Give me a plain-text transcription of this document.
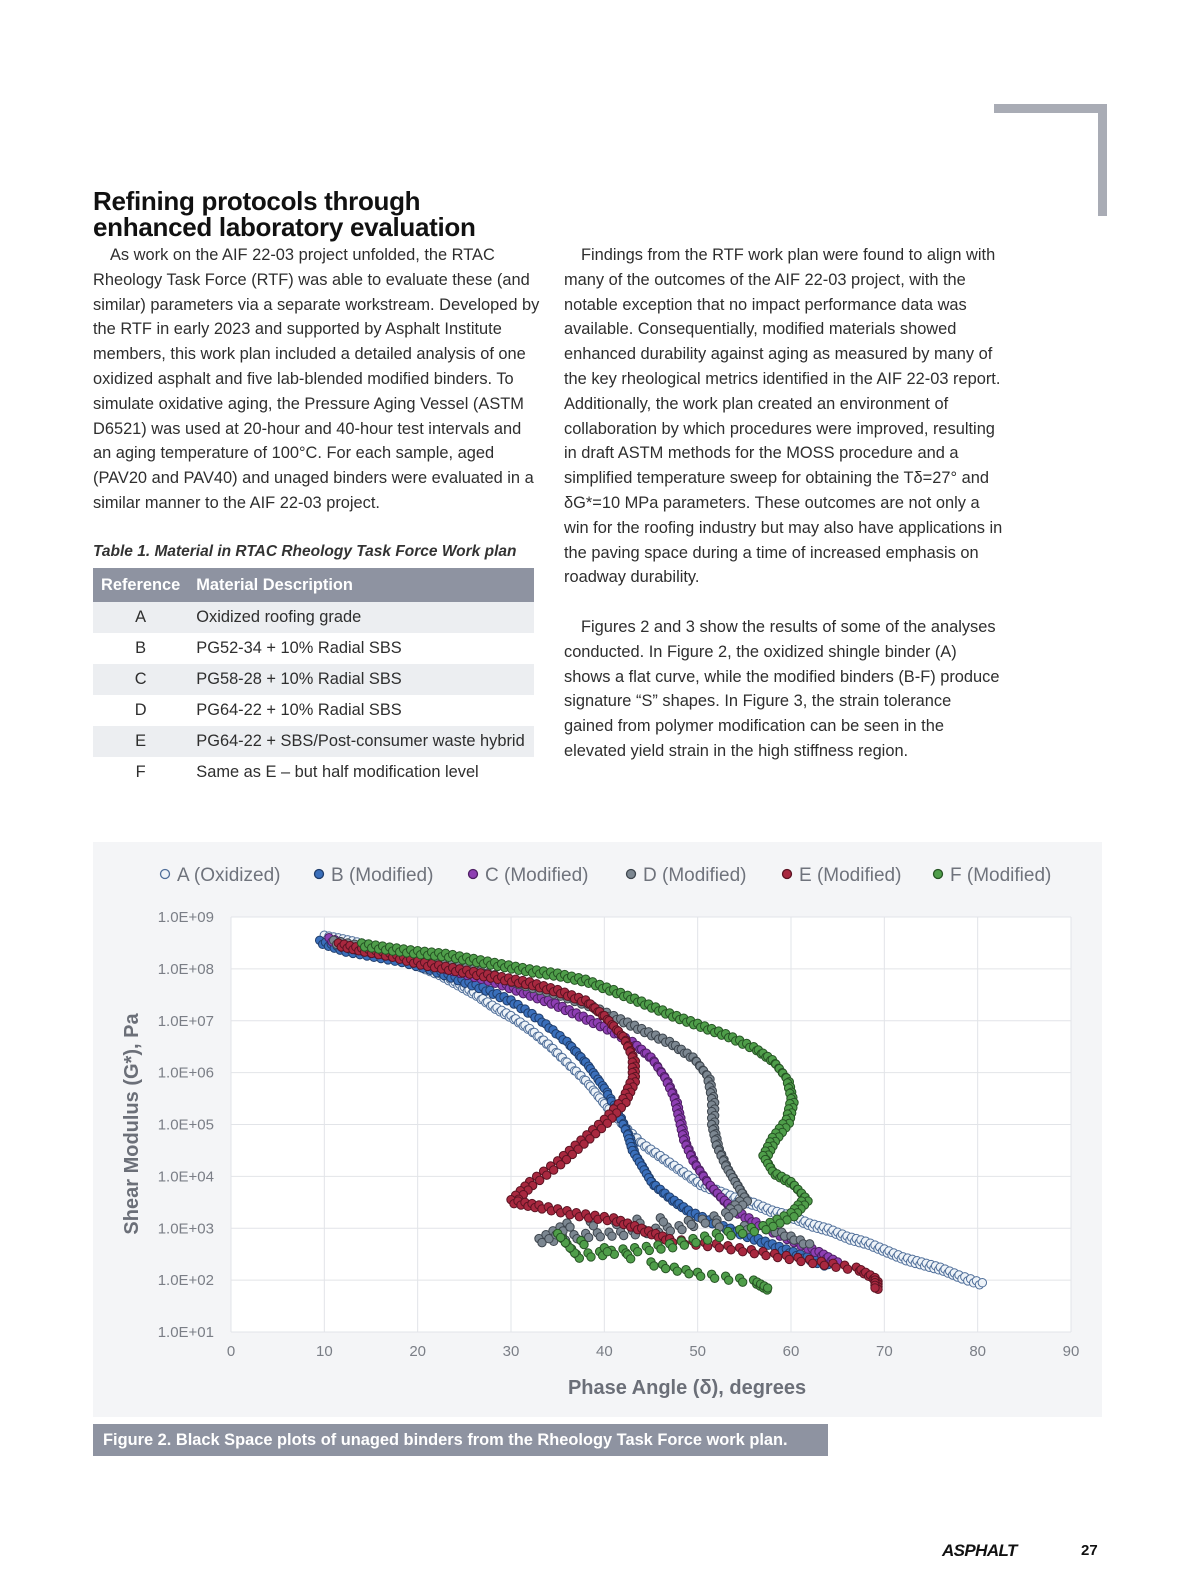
Refining protocols through
enhanced laboratory evaluation

As work on the AIF 22-03 project unfolded, the RTAC Rheology Task Force (RTF) was able to evaluate these (and similar) parameters via a separate workstream. Developed by the RTF in early 2023 and supported by Asphalt Institute members, this work plan included a detailed analysis of one oxidized asphalt and five lab-blended modified binders. To simulate oxidative aging, the Pressure Aging Vessel (ASTM D6521) was used at 20-hour and 40-hour test intervals and an aging temperature of 100°C. For each sample, aged (PAV20 and PAV40) and unaged binders were evaluated in a similar manner to the AIF 22-03 project.

Findings from the RTF work plan were found to align with many of the outcomes of the AIF 22-03 project, with the notable exception that no impact performance data was available. Consequentially, modified materials showed enhanced durability against aging as measured by many of the key rheological metrics identified in the AIF 22-03 report. Additionally, the work plan created an environment of collaboration by which procedures were improved, resulting in draft ASTM methods for the MOSS procedure and a simplified temperature sweep for obtaining the Tδ=27° and δG*=10 MPa parameters. These outcomes are not only a win for the roofing industry but may also have applications in the paving space during a time of increased emphasis on roadway durability.

Figures 2 and 3 show the results of some of the analyses conducted. In Figure 2, the oxidized shingle binder (A) shows a flat curve, while the modified binders (B-F) produce signature “S” shapes. In Figure 3, the strain tolerance gained from polymer modification can be seen in the elevated yield strain in the high stiffness region.

Table 1. Material in RTAC Rheology Task Force Work plan
Reference	Material Description
A	Oxidized roofing grade
B	PG52-34 + 10% Radial SBS
C	PG58-28 + 10% Radial SBS
D	PG64-22 + 10% Radial SBS
E	PG64-22 + SBS/Post-consumer waste hybrid
F	Same as E – but half modification level
0	10	20	30	40	50	60	70	80	90
1.0E+01
1.0E+02
1.0E+03
1.0E+04
1.0E+05
1.0E+06
1.0E+07
1.0E+08
1.0E+09
A (Oxidized)	B (Modified)	C (Modified)	D (Modified)	E (Modified)	F (Modified)
Phase Angle (δ), degrees
Shear Modulus (G*), Pa
Figure 2. Black Space plots of unaged binders from the Rheology Task Force work plan.
ASPHALT	27
